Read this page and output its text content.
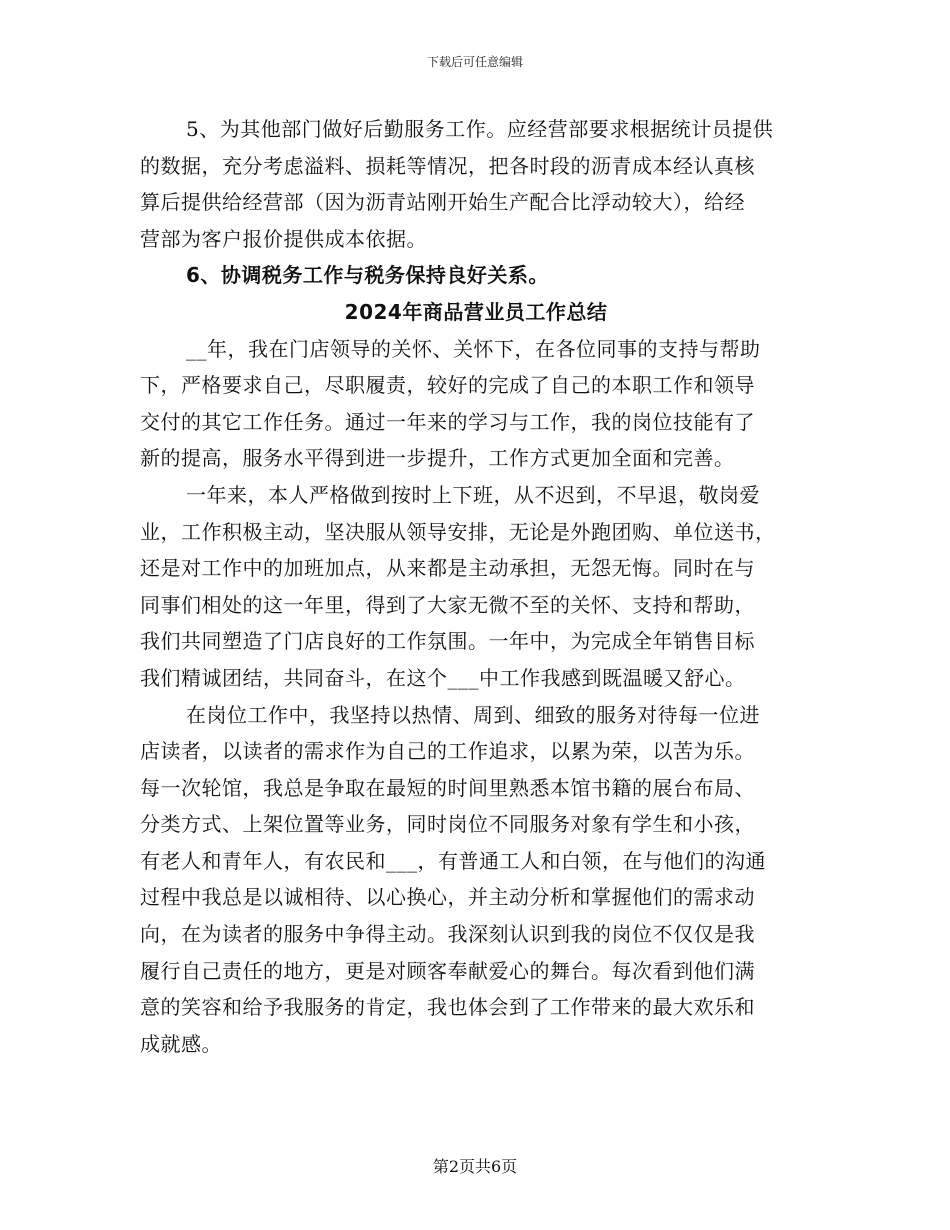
下载后可任意编辑
5、为其他部门做好后勤服务工作。应经营部要求根据统计员提供
的数据，充分考虑溢料、损耗等情况，把各时段的沥青成本经认真核
算后提供给经营部（因为沥青站刚开始生产配合比浮动较大），给经
营部为客户报价提供成本依据。
6、协调税务工作与税务保持良好关系。
2024年商品营业员工作总结
__年，我在门店领导的关怀、关怀下，在各位同事的支持与帮助
下，严格要求自己，尽职履责，较好的完成了自己的本职工作和领导
交付的其它工作任务。通过一年来的学习与工作，我的岗位技能有了
新的提高，服务水平得到进一步提升，工作方式更加全面和完善。
一年来，本人严格做到按时上下班，从不迟到，不早退，敬岗爱
业，工作积极主动，坚决服从领导安排，无论是外跑团购、单位送书，
还是对工作中的加班加点，从来都是主动承担，无怨无悔。同时在与
同事们相处的这一年里，得到了大家无微不至的关怀、支持和帮助，
我们共同塑造了门店良好的工作氛围。一年中，为完成全年销售目标
我们精诚团结，共同奋斗，在这个___中工作我感到既温暖又舒心。
在岗位工作中，我坚持以热情、周到、细致的服务对待每一位进
店读者，以读者的需求作为自己的工作追求，以累为荣，以苦为乐。
每一次轮馆，我总是争取在最短的时间里熟悉本馆书籍的展台布局、
分类方式、上架位置等业务，同时岗位不同服务对象有学生和小孩，
有老人和青年人，有农民和___，有普通工人和白领，在与他们的沟通
过程中我总是以诚相待、以心换心，并主动分析和掌握他们的需求动
向，在为读者的服务中争得主动。我深刻认识到我的岗位不仅仅是我
履行自己责任的地方，更是对顾客奉献爱心的舞台。每次看到他们满
意的笑容和给予我服务的肯定，我也体会到了工作带来的最大欢乐和
成就感。
第2页共6页
